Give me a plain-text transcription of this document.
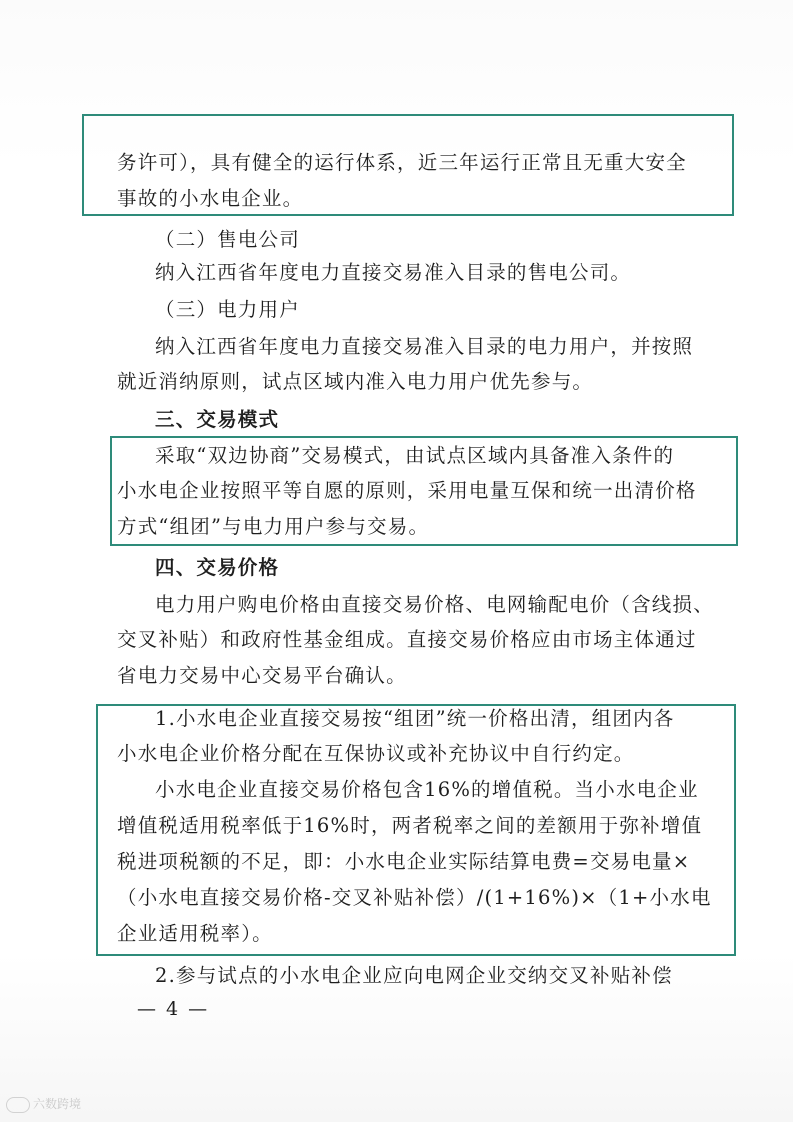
务许可），具有健全的运行体系，近三年运行正常且无重大安全
事故的小水电企业。
（二）售电公司
纳入江西省年度电力直接交易准入目录的售电公司。
（三）电力用户
纳入江西省年度电力直接交易准入目录的电力用户，并按照
就近消纳原则，试点区域内准入电力用户优先参与。
三、交易模式
采取“双边协商”交易模式，由试点区域内具备准入条件的
小水电企业按照平等自愿的原则，采用电量互保和统一出清价格
方式“组团”与电力用户参与交易。
四、交易价格
电力用户购电价格由直接交易价格、电网输配电价（含线损、
交叉补贴）和政府性基金组成。直接交易价格应由市场主体通过
省电力交易中心交易平台确认。
1.小水电企业直接交易按“组团”统一价格出清，组团内各
小水电企业价格分配在互保协议或补充协议中自行约定。
小水电企业直接交易价格包含16%的增值税。当小水电企业
增值税适用税率低于16%时，两者税率之间的差额用于弥补增值
税进项税额的不足，即：小水电企业实际结算电费=交易电量×
（小水电直接交易价格-交叉补贴补偿）/(1+16%)×（1+小水电
企业适用税率）。
2.参与试点的小水电企业应向电网企业交纳交叉补贴补偿
— 4 —
六数跨境
